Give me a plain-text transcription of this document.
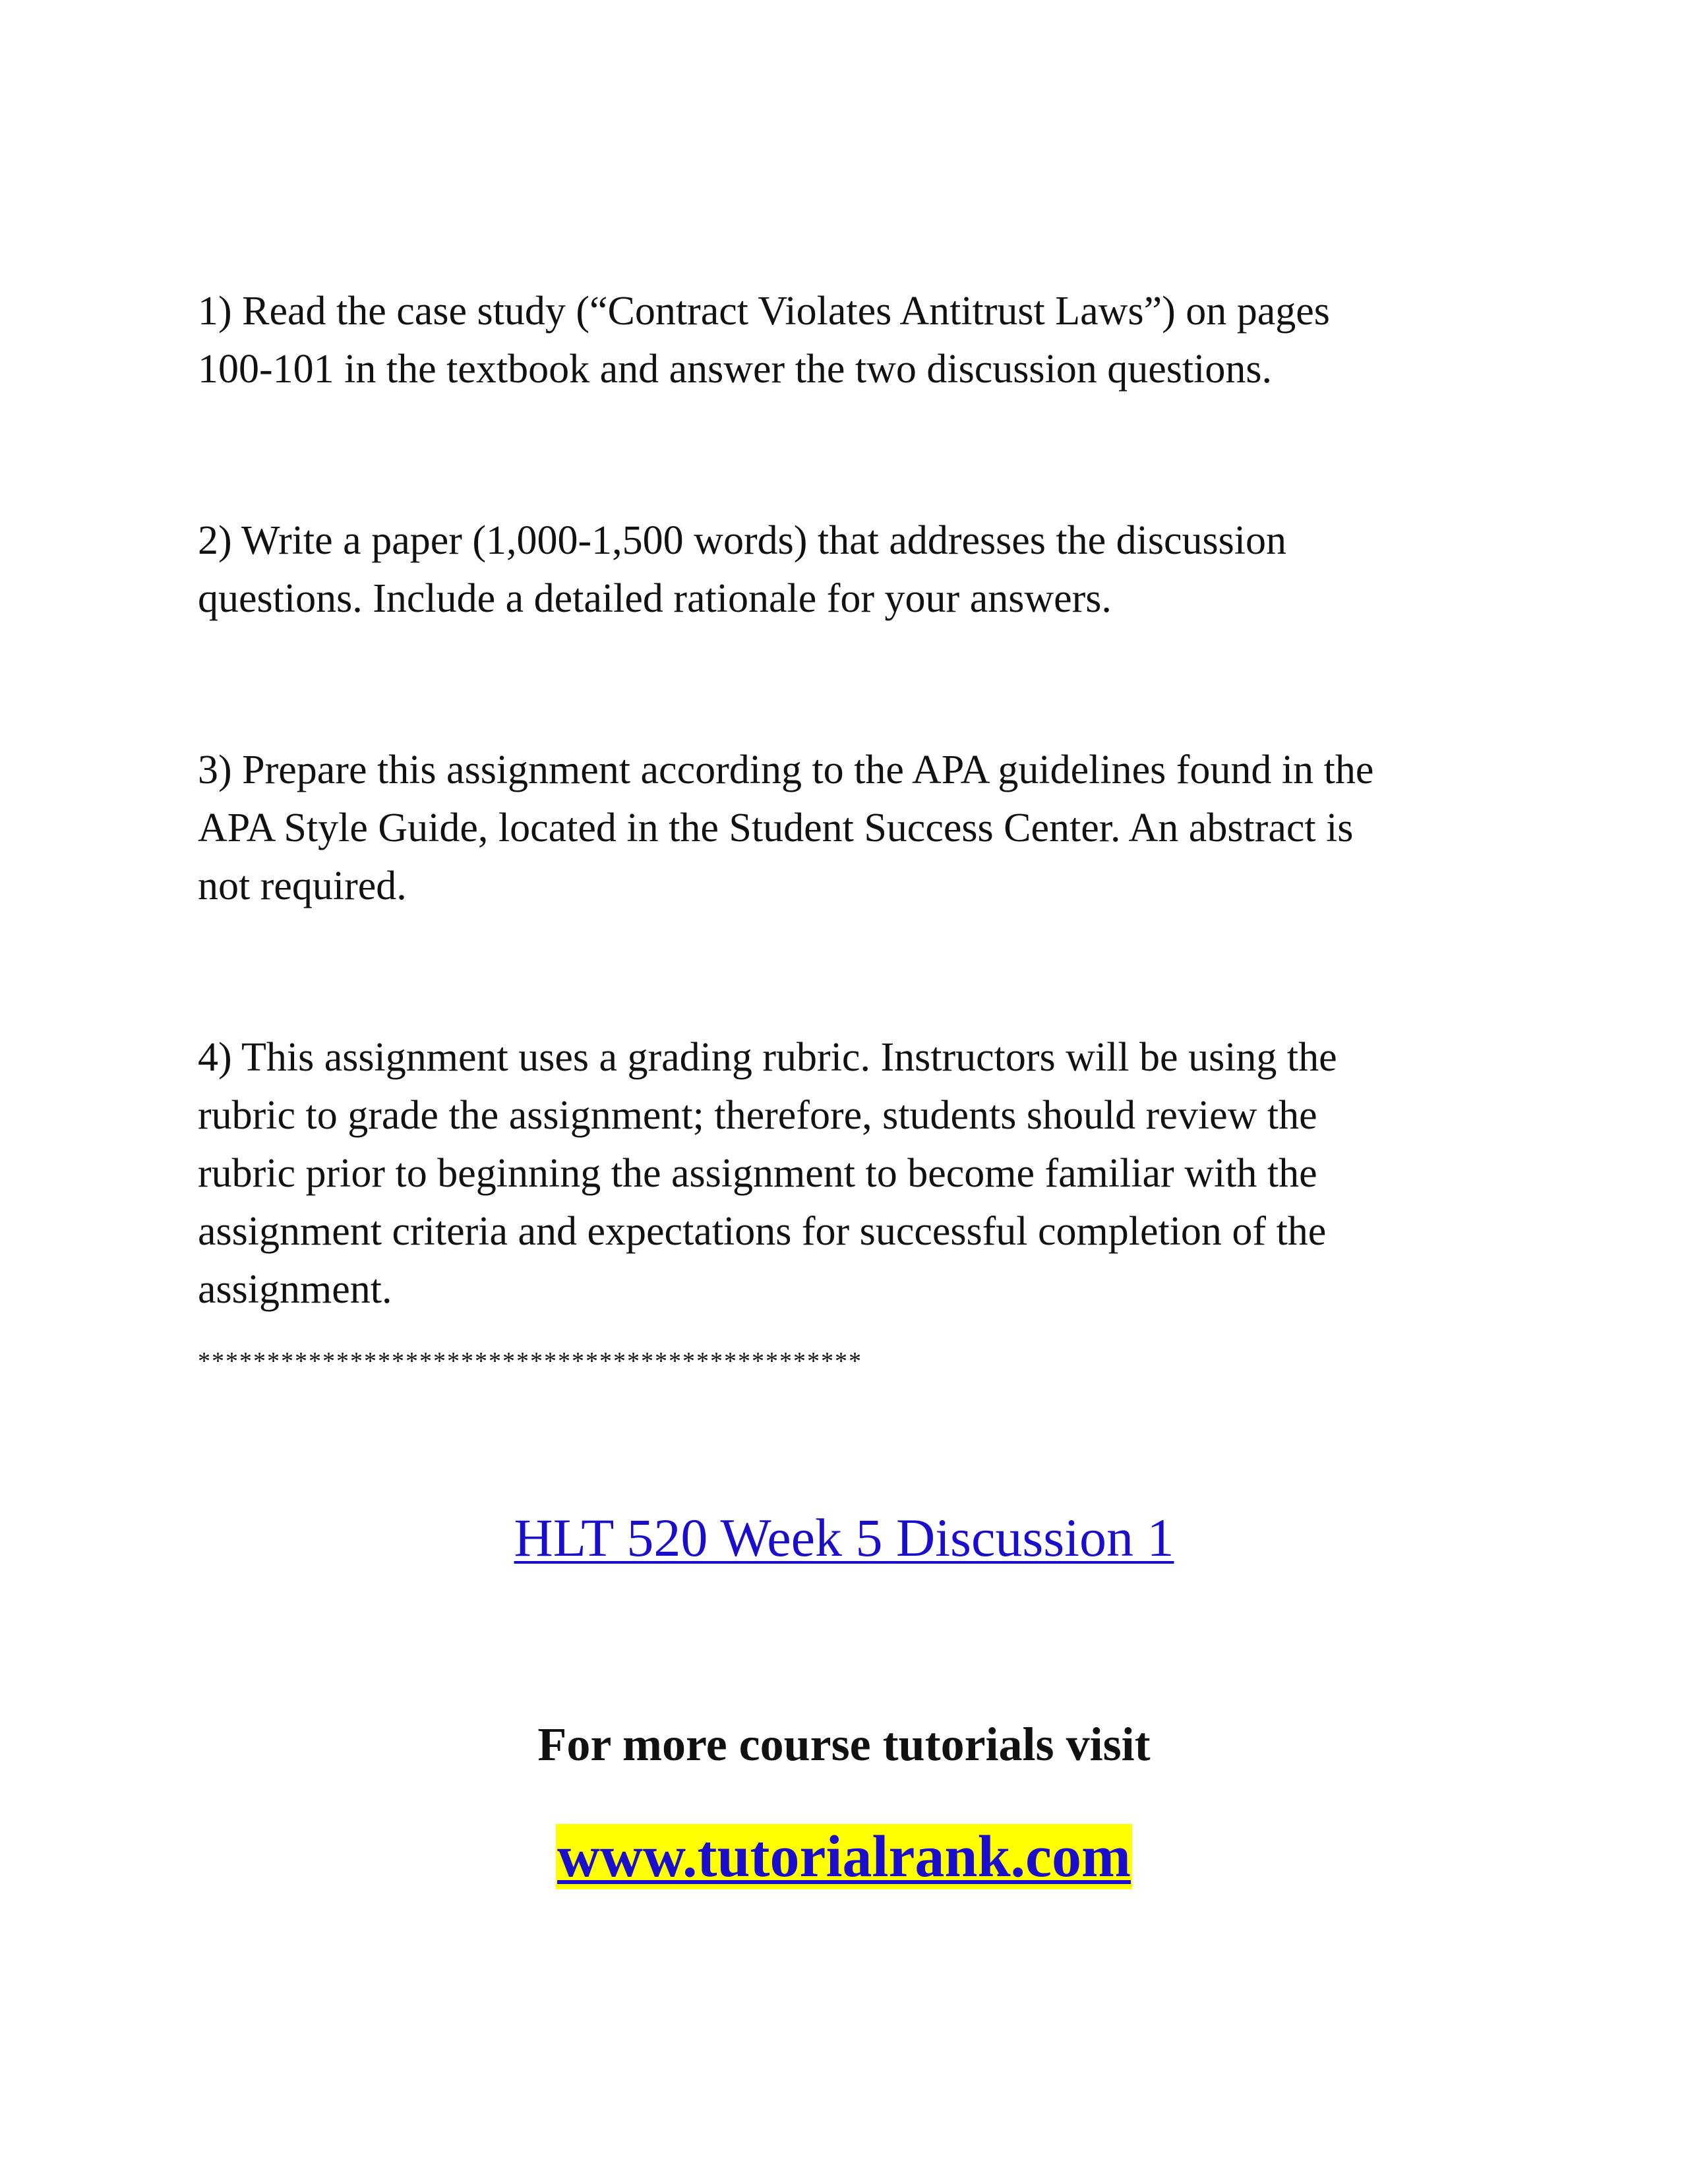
1) Read the case study (“Contract Violates Antitrust Laws”) on pages
100-101 in the textbook and answer the two discussion questions.

2) Write a paper (1,000-1,500 words) that addresses the discussion
questions. Include a detailed rationale for your answers.

3) Prepare this assignment according to the APA guidelines found in the
APA Style Guide, located in the Student Success Center. An abstract is
not required.

4) This assignment uses a grading rubric. Instructors will be using the
rubric to grade the assignment; therefore, students should review the
rubric prior to beginning the assignment to become familiar with the
assignment criteria and expectations for successful completion of the
assignment.

************************************************

HLT 520 Week 5 Discussion 1
For more course tutorials visit
www.tutorialrank.com
